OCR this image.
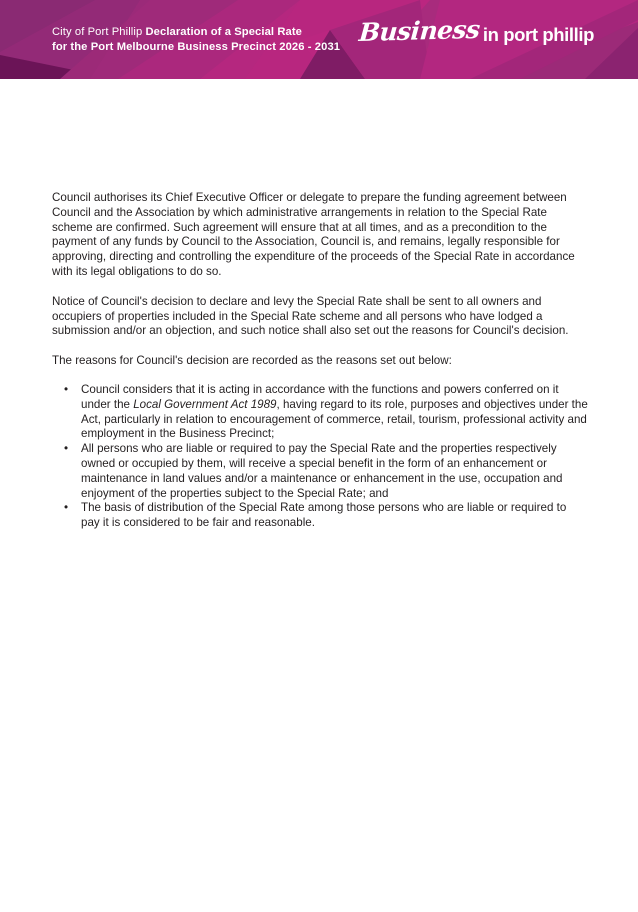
City of Port Phillip Declaration of a Special Rate
for the Port Melbourne Business Precinct 2026 - 2031
Business in port phillip

Council authorises its Chief Executive Officer or delegate to prepare the funding agreement between Council and the Association by which administrative arrangements in relation to the Special Rate scheme are confirmed. Such agreement will ensure that at all times, and as a precondition to the payment of any funds by Council to the Association, Council is, and remains, legally responsible for approving, directing and controlling the expenditure of the proceeds of the Special Rate in accordance with its legal obligations to do so.

Notice of Council's decision to declare and levy the Special Rate shall be sent to all owners and occupiers of properties included in the Special Rate scheme and all persons who have lodged a submission and/or an objection, and such notice shall also set out the reasons for Council's decision.

The reasons for Council's decision are recorded as the reasons set out below:

•	Council considers that it is acting in accordance with the functions and powers conferred on it under the Local Government Act 1989, having regard to its role, purposes and objectives under the Act, particularly in relation to encouragement of commerce, retail, tourism, professional activity and employment in the Business Precinct;
•	All persons who are liable or required to pay the Special Rate and the properties respectively owned or occupied by them, will receive a special benefit in the form of an enhancement or maintenance in land values and/or a maintenance or enhancement in the use, occupation and enjoyment of the properties subject to the Special Rate; and
•	The basis of distribution of the Special Rate among those persons who are liable or required to pay it is considered to be fair and reasonable.
